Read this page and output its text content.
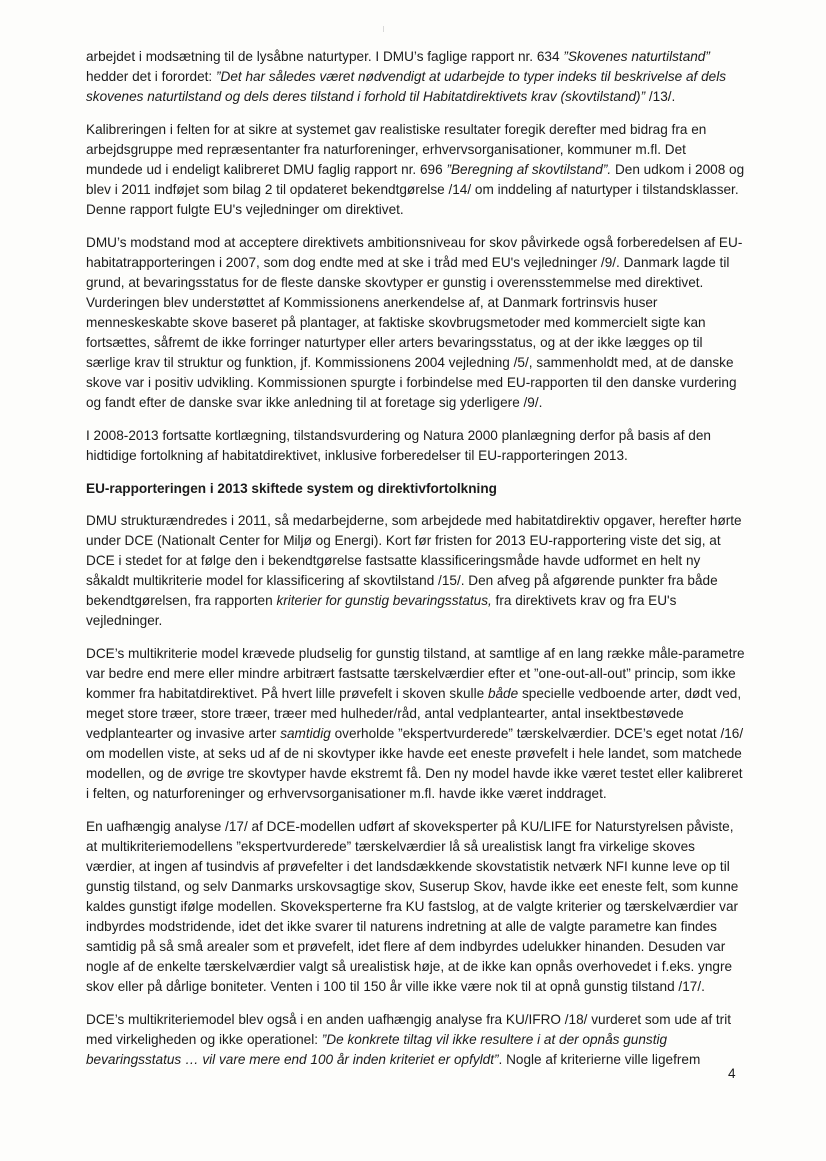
arbejdet i modsætning til de lysåbne naturtyper. I DMU’s faglige rapport nr. 634 ”Skovenes naturtilstand” hedder det i forordet: ”Det har således været nødvendigt at udarbejde to typer indeks til beskrivelse af dels skovenes naturtilstand og dels deres tilstand i forhold til Habitatdirektivets krav (skovtilstand)” /13/.

Kalibreringen i felten for at sikre at systemet gav realistiske resultater foregik derefter med bidrag fra en arbejdsgruppe med repræsentanter fra naturforeninger, erhvervsorganisationer, kommuner m.fl. Det mundede ud i endeligt kalibreret DMU faglig rapport nr. 696 ”Beregning af skovtilstand”. Den udkom i 2008 og blev i 2011 indføjet som bilag 2 til opdateret bekendtgørelse /14/ om inddeling af naturtyper i tilstandsklasser. Denne rapport fulgte EU's vejledninger om direktivet.

DMU’s modstand mod at acceptere direktivets ambitionsniveau for skov påvirkede også forberedelsen af EU-habitatrapporteringen i 2007, som dog endte med at ske i tråd med EU's vejledninger /9/. Danmark lagde til grund, at bevaringsstatus for de fleste danske skovtyper er gunstig i overensstemmelse med direktivet. Vurderingen blev understøttet af Kommissionens anerkendelse af, at Danmark fortrinsvis huser menneskeskabte skove baseret på plantager, at faktiske skovbrugsmetoder med kommercielt sigte kan fortsættes, såfremt de ikke forringer naturtyper eller arters bevaringsstatus, og at der ikke lægges op til særlige krav til struktur og funktion, jf. Kommissionens 2004 vejledning /5/, sammenholdt med, at de danske skove var i positiv udvikling. Kommissionen spurgte i forbindelse med EU-rapporten til den danske vurdering og fandt efter de danske svar ikke anledning til at foretage sig yderligere /9/.

I 2008-2013 fortsatte kortlægning, tilstandsvurdering og Natura 2000 planlægning derfor på basis af den hidtidige fortolkning af habitatdirektivet, inklusive forberedelser til EU-rapporteringen 2013.

EU-rapporteringen i 2013 skiftede system og direktivfortolkning

DMU strukturændredes i 2011, så medarbejderne, som arbejdede med habitatdirektiv opgaver, herefter hørte under DCE (Nationalt Center for Miljø og Energi). Kort før fristen for 2013 EU-rapportering viste det sig, at DCE i stedet for at følge den i bekendtgørelse fastsatte klassificeringsmåde havde udformet en helt ny såkaldt multikriterie model for klassificering af skovtilstand /15/. Den afveg på afgørende punkter fra både bekendtgørelsen, fra rapporten kriterier for gunstig bevaringsstatus, fra direktivets krav og fra EU's vejledninger.

DCE’s multikriterie model krævede pludselig for gunstig tilstand, at samtlige af en lang række måle-parametre var bedre end mere eller mindre arbitrært fastsatte tærskelværdier efter et ”one-out-all-out” princip, som ikke kommer fra habitatdirektivet. På hvert lille prøvefelt i skoven skulle både specielle vedboende arter, dødt ved, meget store træer, store træer, træer med hulheder/råd, antal vedplantearter, antal insektbestøvede vedplantearter og invasive arter samtidig overholde ”ekspertvurderede” tærskelværdier. DCE’s eget notat /16/ om modellen viste, at seks ud af de ni skovtyper ikke havde eet eneste prøvefelt i hele landet, som matchede modellen, og de øvrige tre skovtyper havde ekstremt få. Den ny model havde ikke været testet eller kalibreret i felten, og naturforeninger og erhvervsorganisationer m.fl. havde ikke været inddraget.

En uafhængig analyse /17/ af DCE-modellen udført af skoveksperter på KU/LIFE for Naturstyrelsen påviste, at multikriteriemodellens ”ekspertvurderede” tærskelværdier lå så urealistisk langt fra virkelige skoves værdier, at ingen af tusindvis af prøvefelter i det landsdækkende skovstatistik netværk NFI kunne leve op til gunstig tilstand, og selv Danmarks urskovsagtige skov, Suserup Skov, havde ikke eet eneste felt, som kunne kaldes gunstigt ifølge modellen. Skoveksperterne fra KU fastslog, at de valgte kriterier og tærskelværdier var indbyrdes modstridende, idet det ikke svarer til naturens indretning at alle de valgte parametre kan findes samtidig på så små arealer som et prøvefelt, idet flere af dem indbyrdes udelukker hinanden. Desuden var nogle af de enkelte tærskelværdier valgt så urealistisk høje, at de ikke kan opnås overhovedet i f.eks. yngre skov eller på dårlige boniteter. Venten i 100 til 150 år ville ikke være nok til at opnå gunstig tilstand /17/.

DCE’s multikriteriemodel blev også i en anden uafhængig analyse fra KU/IFRO /18/ vurderet som ude af trit med virkeligheden og ikke operationel: ”De konkrete tiltag vil ikke resultere i at der opnås gunstig bevaringsstatus … vil vare mere end 100 år inden kriteriet er opfyldt”. Nogle af kriterierne ville ligefrem

4
